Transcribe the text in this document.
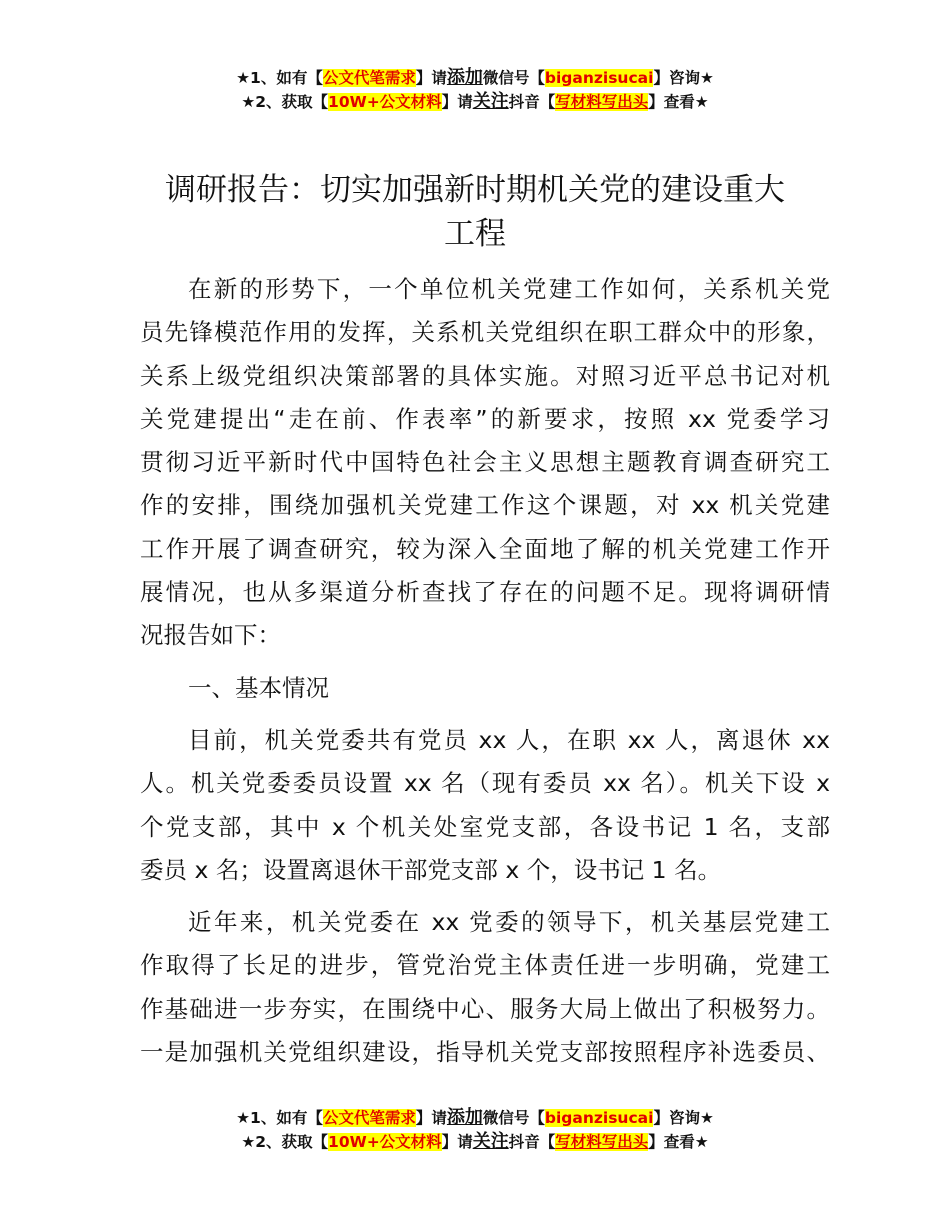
★1、如有【公文代笔需求】请添加微信号【biganzisucai】咨询★
★2、获取【10W+公文材料】请关注抖音【写材料写出头】查看★
调研报告：切实加强新时期机关党的建设重大
工程
在新的形势下，一个单位机关党建工作如何，关系机关党
员先锋模范作用的发挥，关系机关党组织在职工群众中的形象，
关系上级党组织决策部署的具体实施。对照习近平总书记对机
关党建提出“走在前、作表率”的新要求，按照 xx 党委学习
贯彻习近平新时代中国特色社会主义思想主题教育调查研究工
作的安排，围绕加强机关党建工作这个课题，对 xx 机关党建
工作开展了调查研究，较为深入全面地了解的机关党建工作开
展情况，也从多渠道分析查找了存在的问题不足。现将调研情
况报告如下：
一、基本情况
目前，机关党委共有党员 xx 人，在职 xx 人，离退休 xx
人。机关党委委员设置 xx 名（现有委员 xx 名）。机关下设 x
个党支部，其中 x 个机关处室党支部，各设书记 1 名，支部
委员 x 名；设置离退休干部党支部 x 个，设书记 1 名。
近年来，机关党委在 xx 党委的领导下，机关基层党建工
作取得了长足的进步，管党治党主体责任进一步明确，党建工
作基础进一步夯实，在围绕中心、服务大局上做出了积极努力。
一是加强机关党组织建设，指导机关党支部按照程序补选委员、
★1、如有【公文代笔需求】请添加微信号【biganzisucai】咨询★
★2、获取【10W+公文材料】请关注抖音【写材料写出头】查看★
